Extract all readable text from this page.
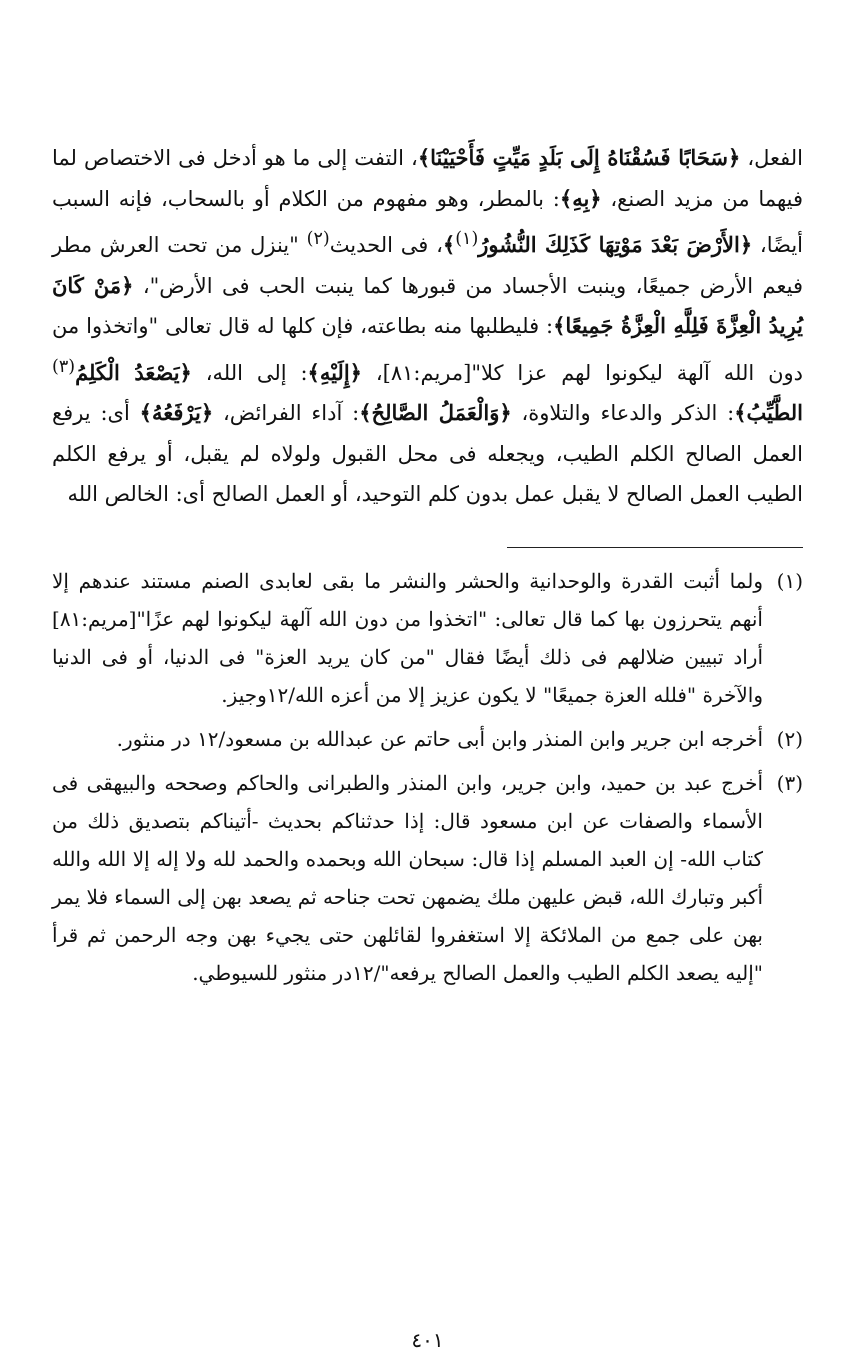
الفعل، ﴿سَحَابًا فَسُقْنَاهُ إِلَى بَلَدٍ مَيِّتٍ فَأَحْيَيْنَا﴾، التفت إلى ما هو أدخل فى الاختصاص لما فيهما من مزيد الصنع، ﴿بِهِ﴾: بالمطر، وهو مفهوم من الكلام أو بالسحاب، فإنه السبب أيضًا، ﴿الأَرْضَ بَعْدَ مَوْتِهَا كَذَلِكَ النُّشُورُ$^{(١)}$﴾، فى الحديث$^{(٢)}$ "ينزل من تحت العرش مطر فيعم الأرض جميعًا، وينبت الأجساد من قبورها كما ينبت الحب فى الأرض"، ﴿مَنْ كَانَ يُرِيدُ الْعِزَّةَ فَلِلَّهِ الْعِزَّةُ جَمِيعًا﴾: فليطلبها منه بطاعته، فإن كلها له قال تعالى "واتخذوا من دون الله آلهة ليكونوا لهم عزا كلا"[مريم:٨١]، ﴿إِلَيْهِ﴾: إلى الله، ﴿يَصْعَدُ الْكَلِمُ$^{(٣)}$ الطَّيِّبُ﴾: الذكر والدعاء والتلاوة، ﴿وَالْعَمَلُ الصَّالِحُ﴾: آداء الفرائض، ﴿يَرْفَعُهُ﴾ أى: يرفع العمل الصالح الكلم الطيب، ويجعله فى محل القبول ولولاه لم يقبل، أو يرفع الكلم الطيب العمل الصالح لا يقبل عمل بدون كلم التوحيد، أو العمل الصالح أى: الخالص الله

(١)
ولما أثبت القدرة والوحدانية والحشر والنشر ما بقى لعابدى الصنم مستند عندهم إلا أنهم يتحرزون بها كما قال تعالى: "اتخذوا من دون الله آلهة ليكونوا لهم عزًا"[مريم:٨١] أراد تبيين ضلالهم فى ذلك أيضًا فقال "من كان يريد العزة" فى الدنيا، أو فى الدنيا والآخرة "فلله العزة جميعًا" لا يكون عزيز إلا من أعزه الله/١٢وجيز.
(٢)
أخرجه ابن جرير وابن المنذر وابن أبى حاتم عن عبدالله بن مسعود/١٢ در منثور.
(٣)
أخرج عبد بن حميد، وابن جرير، وابن المنذر والطبرانى والحاكم وصححه والبيهقى فى الأسماء والصفات عن ابن مسعود قال: إذا حدثناكم بحديث -أتيناكم بتصديق ذلك من كتاب الله- إن العبد المسلم إذا قال: سبحان الله وبحمده والحمد لله ولا إله إلا الله والله أكبر وتبارك الله، قبض عليهن ملك يضمهن تحت جناحه ثم يصعد بهن إلى السماء فلا يمر بهن على جمع من الملائكة إلا استغفروا لقائلهن حتى يجيء بهن وجه الرحمن ثم قرأ "إليه يصعد الكلم الطيب والعمل الصالح يرفعه"/١٢در منثور للسيوطي.
٤٠١
